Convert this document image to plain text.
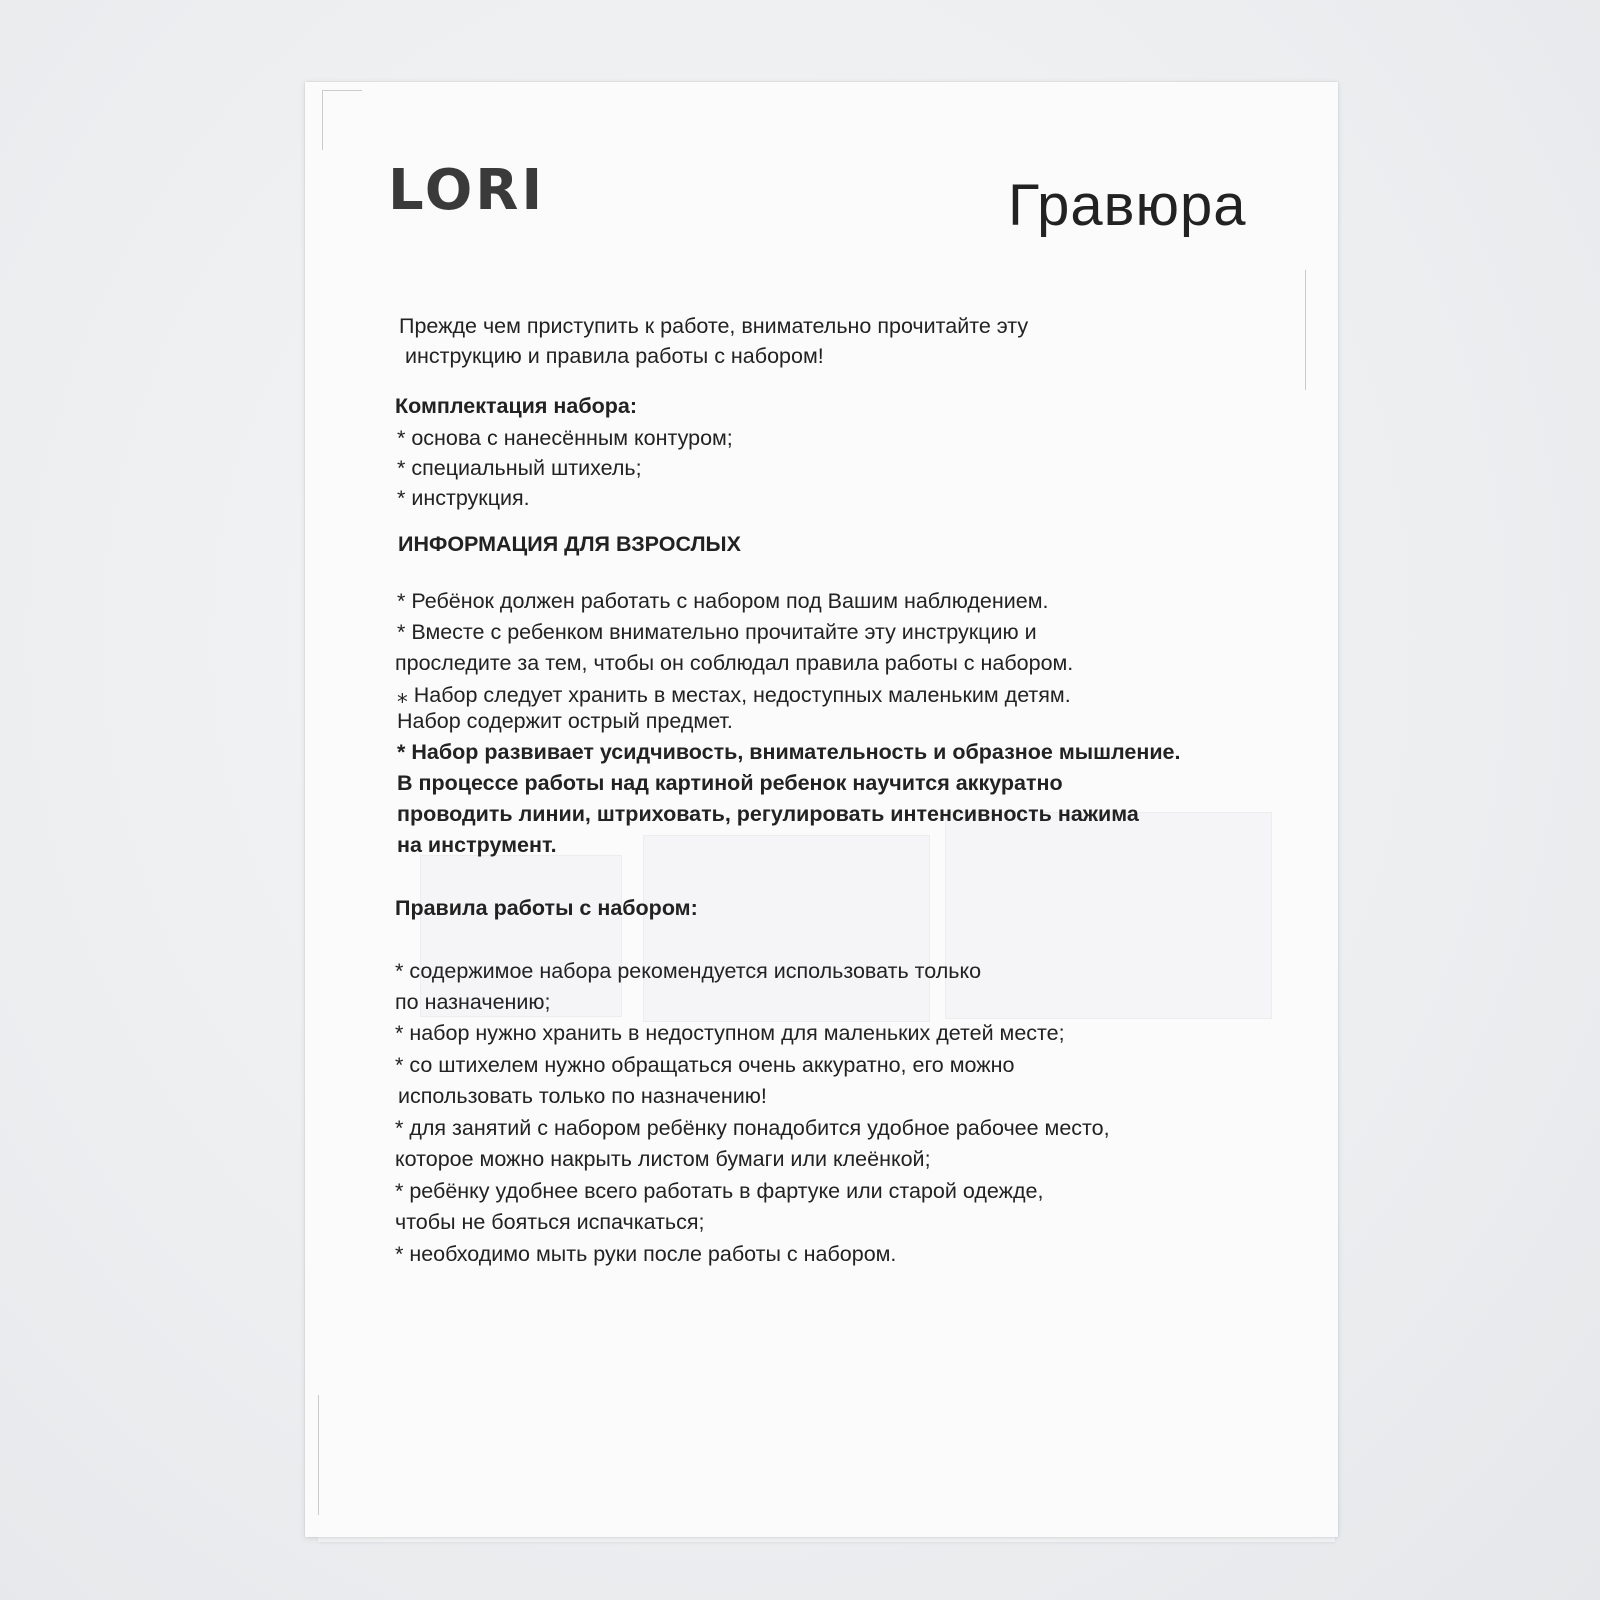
LORI	Гравюра
Прежде чем приступить к работе, внимательно прочитайте эту
инструкцию и правила работы с набором!
Комплектация набора:
* основа с нанесённым контуром;
* специальный штихель;
* инструкция.
ИНФОРМАЦИЯ ДЛЯ ВЗРОСЛЫХ
* Ребёнок должен работать с набором под Вашим наблюдением.
* Вместе с ребенком внимательно прочитайте эту инструкцию и
проследите за тем, чтобы он соблюдал правила работы с набором.
⁎ Набор следует хранить в местах, недоступных маленьким детям.
Набор содержит острый предмет.
* Набор развивает усидчивость, внимательность и образное мышление.
В процессе работы над картиной ребенок научится аккуратно
проводить линии, штриховать, регулировать интенсивность нажима
на инструмент.
Правила работы с набором:
* содержимое набора рекомендуется использовать только
по назначению;
* набор нужно хранить в недоступном для маленьких детей месте;
* со штихелем нужно обращаться очень аккуратно, его можно
использовать только по назначению!
* для занятий с набором ребёнку понадобится удобное рабочее место,
которое можно накрыть листом бумаги или клеёнкой;
* ребёнку удобнее всего работать в фартуке или старой одежде,
чтобы не бояться испачкаться;
* необходимо мыть руки после работы с набором.
